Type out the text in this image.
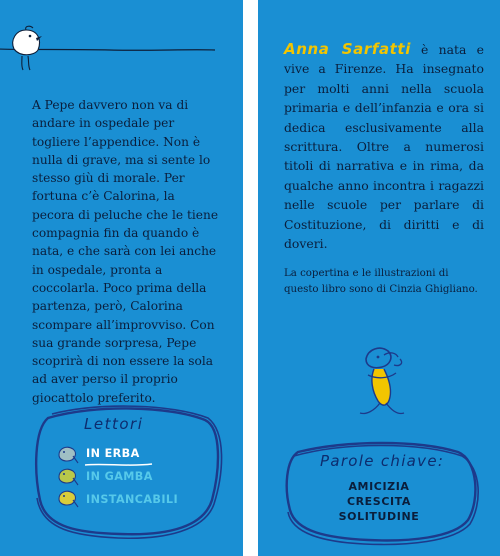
A Pepe davvero non va di andare in ospedale per togliere l’appendice. Non è nulla di grave, ma si sente lo stesso giù di morale. Per fortuna c’è Calorina, la pecora di peluche che le tiene compagnia fin da quando è nata, e che sarà con lei anche in ospedale, pronta a coccolarla. Poco prima della partenza, però, Calorina scompare all’improvviso. Con sua grande sorpresa, Pepe scoprirà di non essere la sola ad aver perso il proprio giocattolo preferito.

Lettori
IN ERBA
IN GAMBA
INSTANCABILI
Anna Sarfatti è nata e vive a Firenze. Ha insegnato per molti anni nella scuola primaria e dell’infanzia e ora si dedica esclusivamente alla scrittura. Oltre a numerosi titoli di narrativa e in rima, da qualche anno incontra i ragazzi nelle scuole per parlare di Costituzione, di diritti e di doveri.
La copertina e le illustrazioni di questo libro sono di Cinzia Ghigliano.
Parole chiave:
AMICIZIA
CRESCITA
SOLITUDINE
